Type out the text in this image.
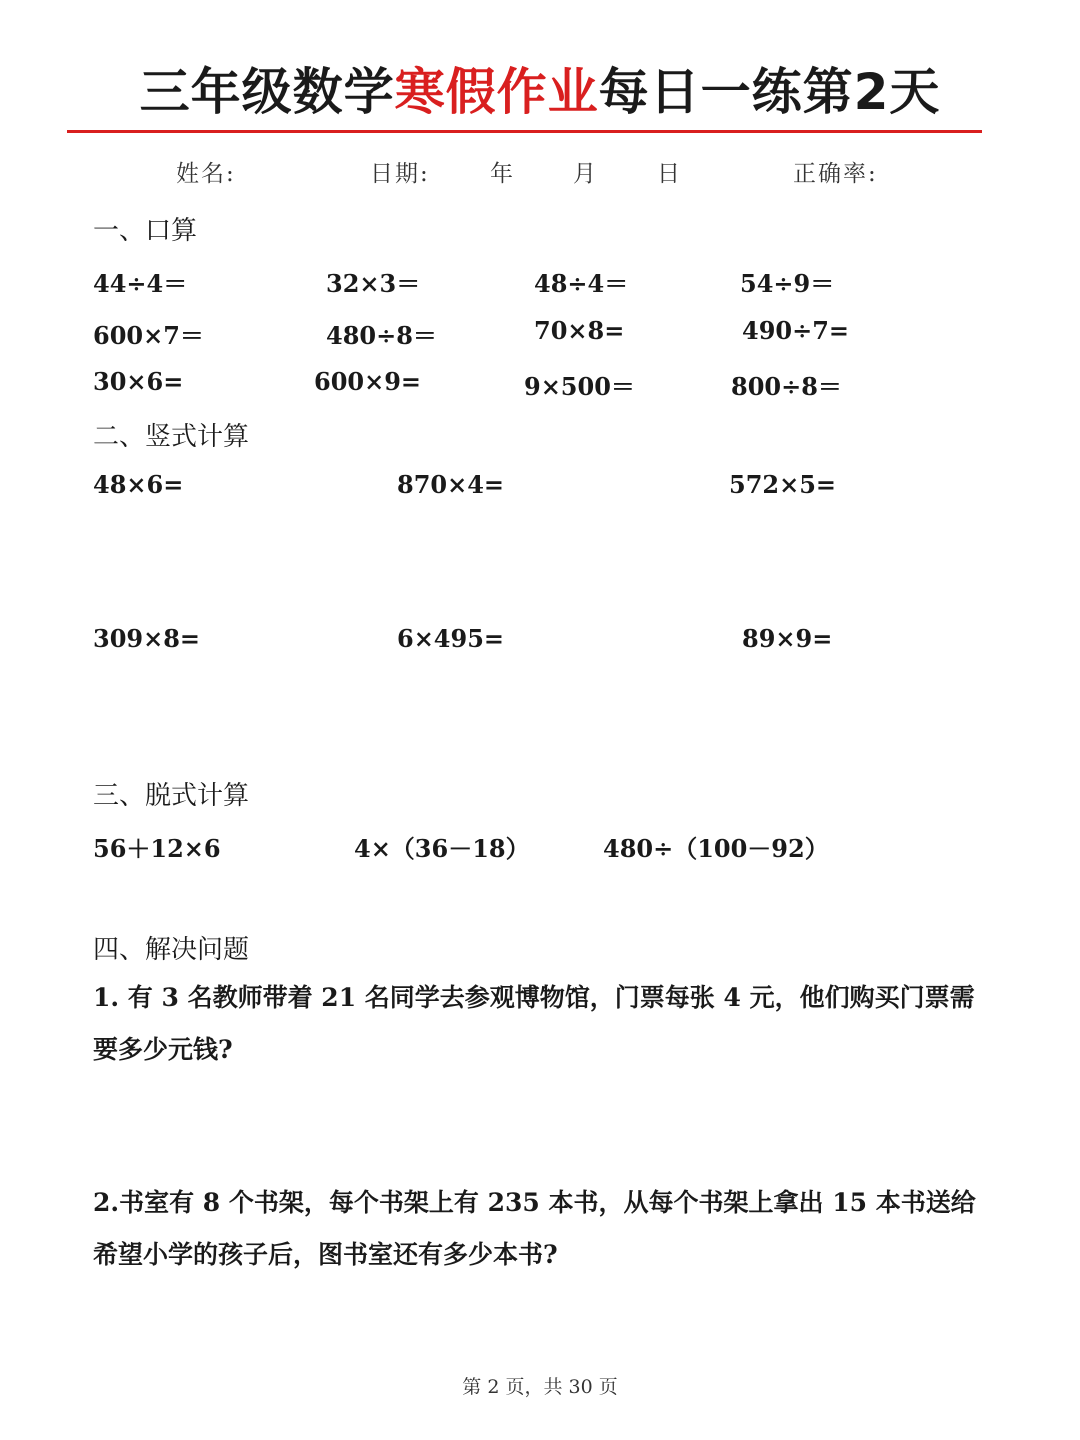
三年级数学寒假作业每日一练第2天
姓名:	日期:	年	月	日	正确率:
一、口算
44÷4＝	32×3＝	48÷4＝	54÷9＝
600×7＝	480÷8＝	70×8=	490÷7=
30×6=	600×9=	9×500＝	800÷8＝
二、竖式计算
48×6=	870×4=	572×5=
309×8=	6×495=	89×9=
三、脱式计算
56＋12×6	4×（36－18）	480÷（100－92）
四、解决问题
1. 有 3 名教师带着 21 名同学去参观博物馆，门票每张 4 元，他们购买门票需要多少元钱?
2.书室有 8 个书架，每个书架上有 235 本书，从每个书架上拿出 15 本书送给希望小学的孩子后，图书室还有多少本书?
第 2 页，共 30 页
